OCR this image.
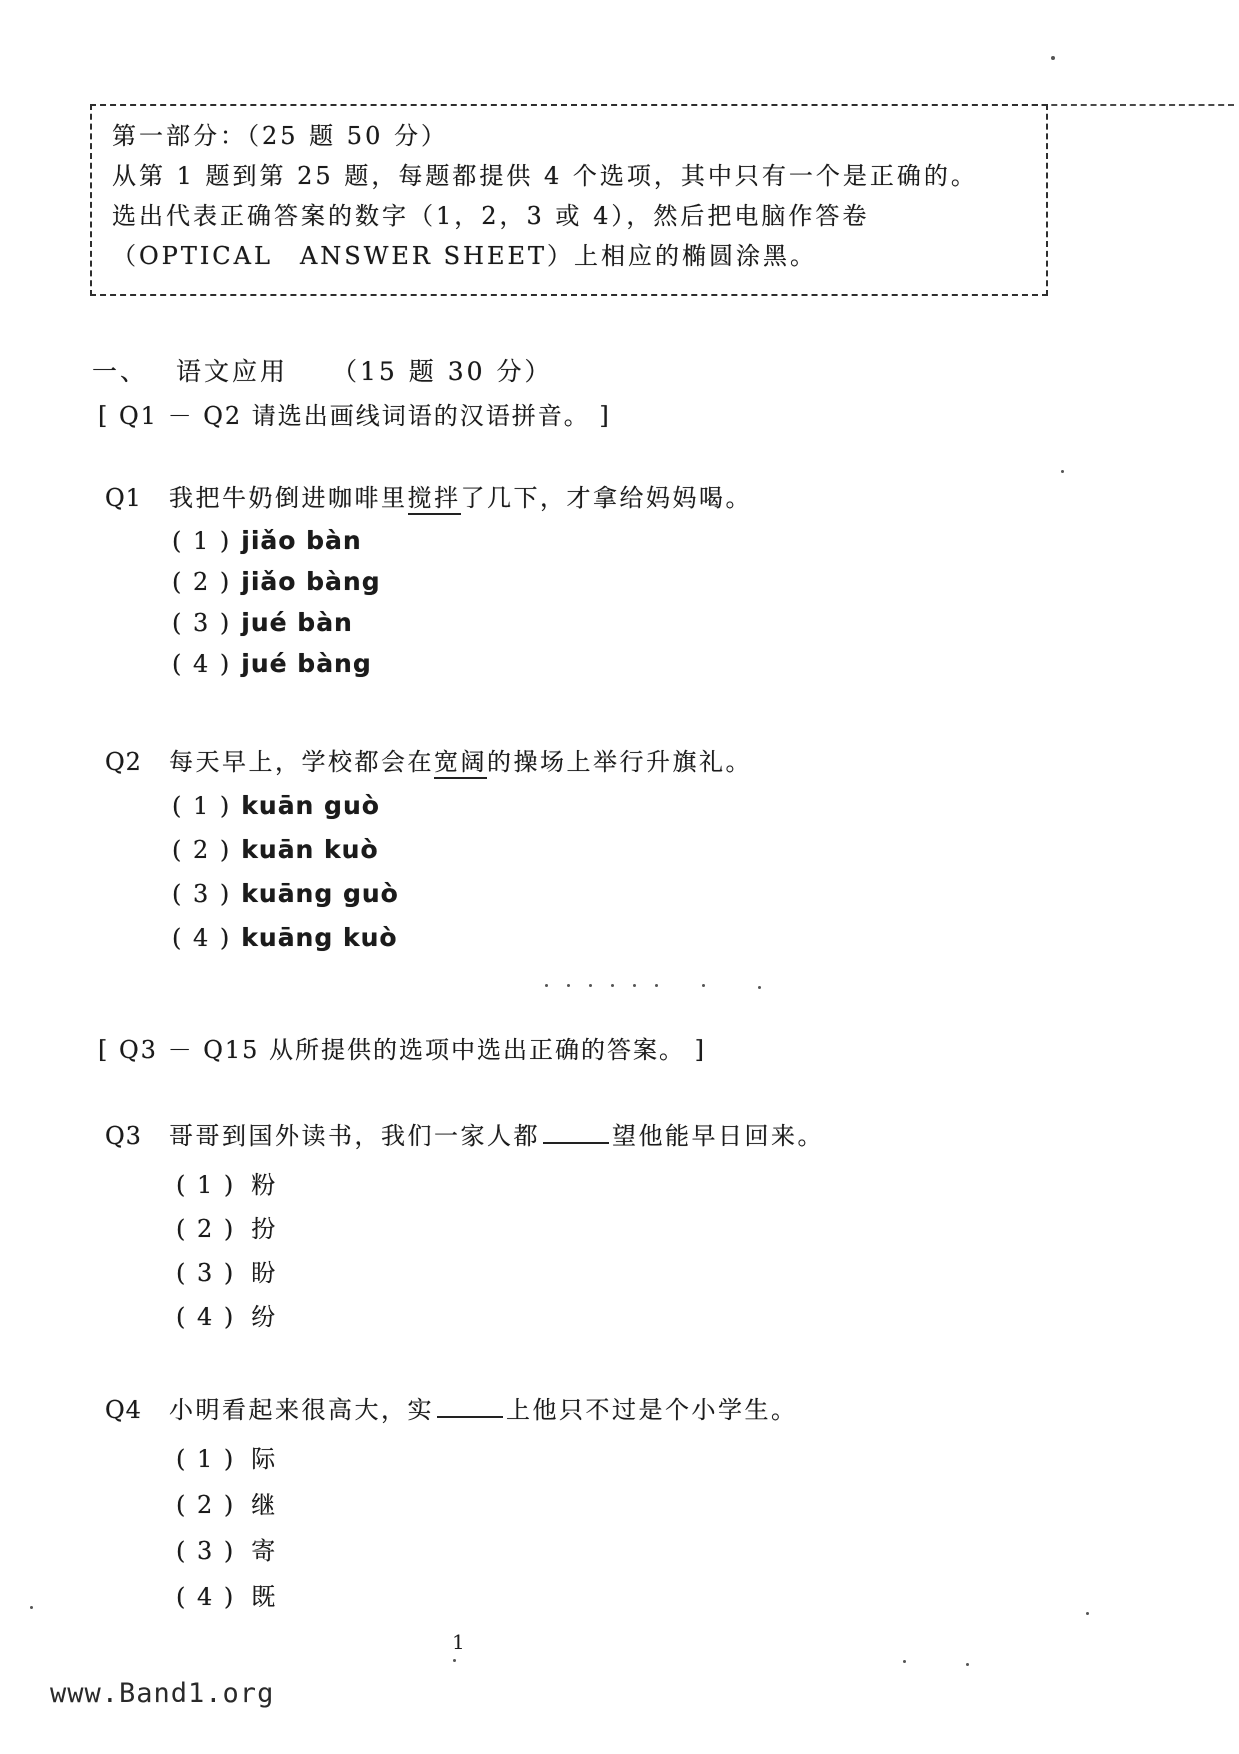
第一部分：（25 题 50 分）
从第 1 题到第 25 题，每题都提供 4 个选项，其中只有一个是正确的。
选出代表正确答案的数字（1，2，3 或 4），然后把电脑作答卷
（OPTICAL　ANSWER SHEET）上相应的椭圆涂黑。
一、 语文应用 （15 题 30 分）
[ Q1 － Q2 请选出画线词语的汉语拼音。 ]
Q1 我把牛奶倒进咖啡里搅拌了几下，才拿给妈妈喝。
( 1 ) jiǎo bàn
( 2 ) jiǎo bàng
( 3 ) jué bàn
( 4 ) jué bàng
Q2 每天早上，学校都会在宽阔的操场上举行升旗礼。
( 1 ) kuān guò
( 2 ) kuān kuò
( 3 ) kuāng guò
( 4 ) kuāng kuò
[ Q3 － Q15 从所提供的选项中选出正确的答案。 ]
Q3 哥哥到国外读书，我们一家人都	望他能早日回来。
( 1 ) 粉
( 2 ) 扮
( 3 ) 盼
( 4 ) 纷
Q4 小明看起来很高大，实	上他只不过是个小学生。
( 1 ) 际
( 2 ) 继
( 3 ) 寄
( 4 ) 既
1
www.Band1.org
